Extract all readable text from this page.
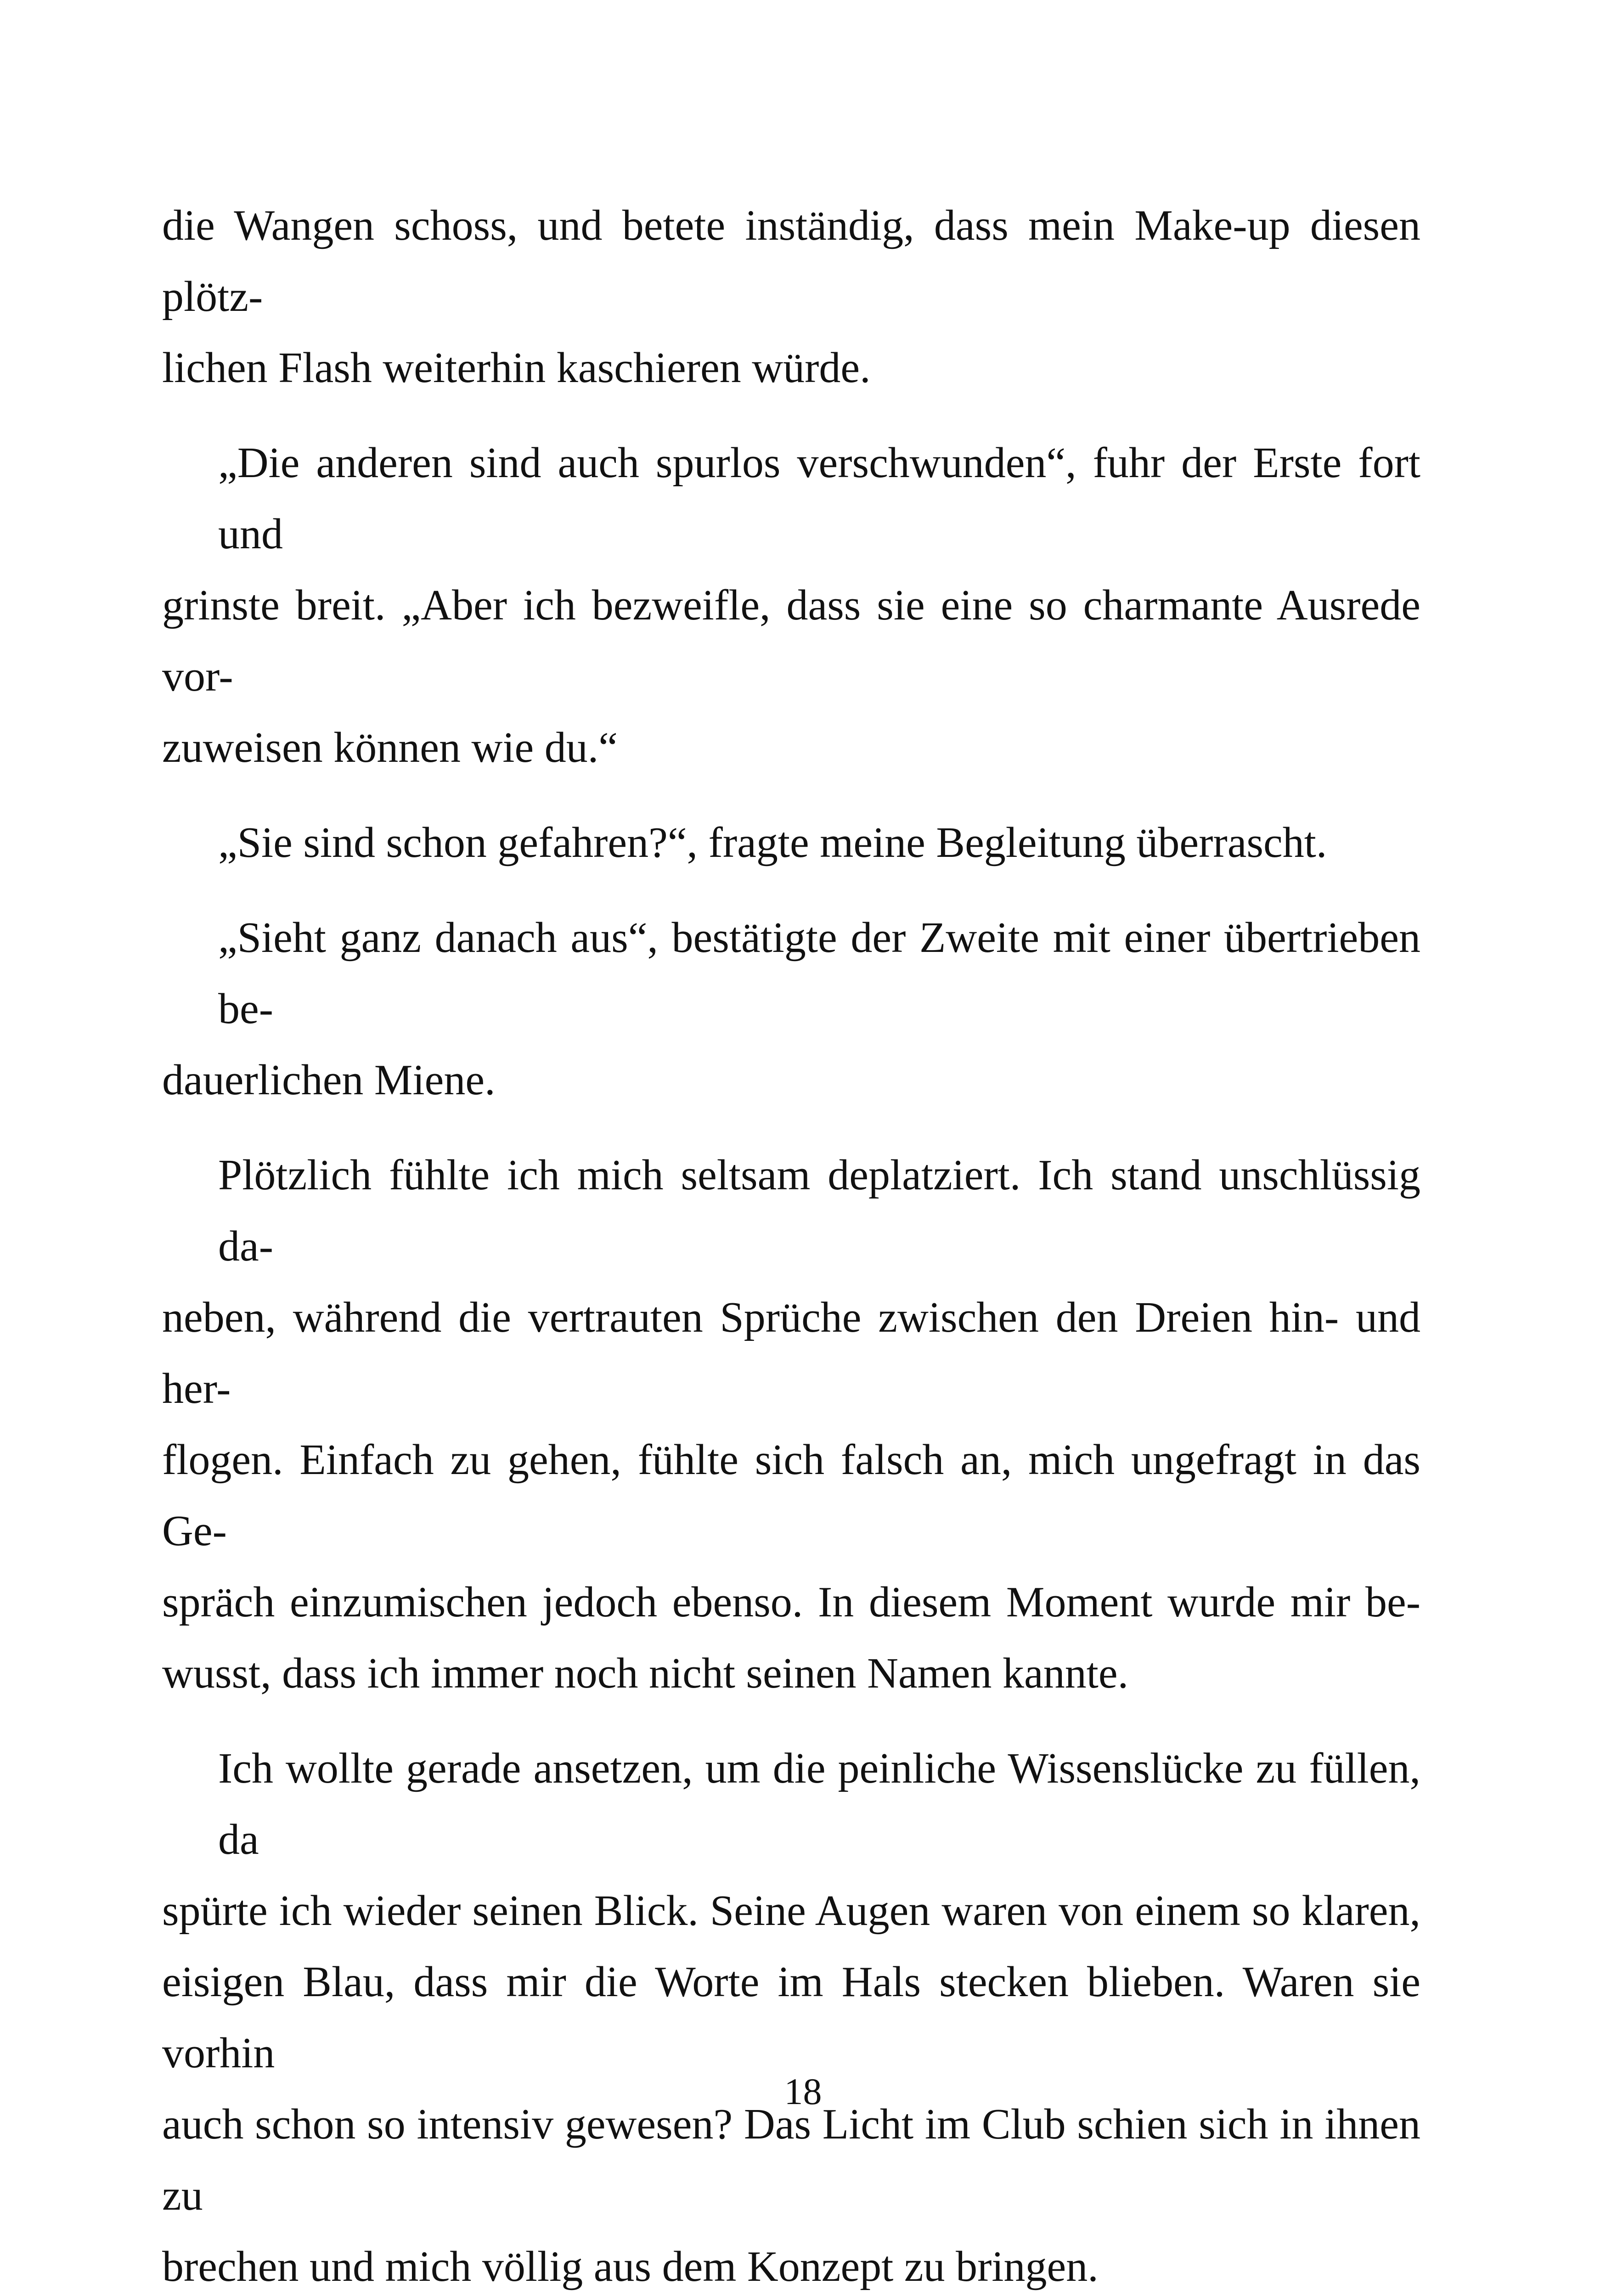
die Wangen schoss, und betete inständig, dass mein Make-up diesen plötz-
lichen Flash weiterhin kaschieren würde.

„Die anderen sind auch spurlos verschwunden“, fuhr der Erste fort und
grinste breit. „Aber ich bezweifle, dass sie eine so charmante Ausrede vor-
zuweisen können wie du.“

„Sie sind schon gefahren?“, fragte meine Begleitung überrascht.

„Sieht ganz danach aus“, bestätigte der Zweite mit einer übertrieben be-
dauerlichen Miene.

Plötzlich fühlte ich mich seltsam deplatziert. Ich stand unschlüssig da-
neben, während die vertrauten Sprüche zwischen den Dreien hin- und her-
flogen. Einfach zu gehen, fühlte sich falsch an, mich ungefragt in das Ge-
spräch einzumischen jedoch ebenso. In diesem Moment wurde mir be-
wusst, dass ich immer noch nicht seinen Namen kannte.

Ich wollte gerade ansetzen, um die peinliche Wissenslücke zu füllen, da
spürte ich wieder seinen Blick. Seine Augen waren von einem so klaren,
eisigen Blau, dass mir die Worte im Hals stecken blieben. Waren sie vorhin
auch schon so intensiv gewesen? Das Licht im Club schien sich in ihnen zu
brechen und mich völlig aus dem Konzept zu bringen.

18
